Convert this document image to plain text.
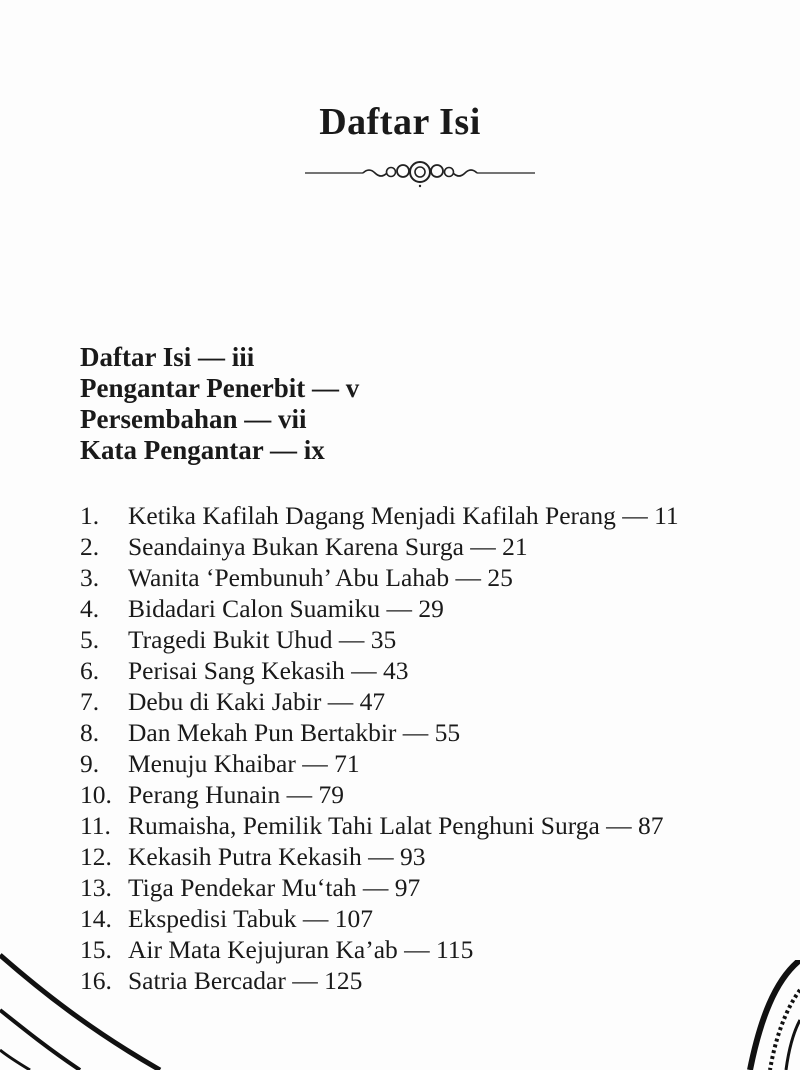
Daftar Isi
Daftar Isi — iii
Pengantar Penerbit — v
Persembahan — vii
Kata Pengantar — ix
1.	Ketika Kafilah Dagang Menjadi Kafilah Perang — 11
2.	Seandainya Bukan Karena Surga — 21
3.	Wanita ‘Pembunuh’ Abu Lahab — 25
4.	Bidadari Calon Suamiku — 29
5.	Tragedi Bukit Uhud — 35
6.	Perisai Sang Kekasih — 43
7.	Debu di Kaki Jabir — 47
8.	Dan Mekah Pun Bertakbir — 55
9.	Menuju Khaibar — 71
10. Perang Hunain — 79
11. Rumaisha, Pemilik Tahi Lalat Penghuni Surga — 87
12. Kekasih Putra Kekasih — 93
13. Tiga Pendekar Mu‘tah — 97
14. Ekspedisi Tabuk — 107
15. Air Mata Kejujuran Ka’ab — 115
16. Satria Bercadar — 125
